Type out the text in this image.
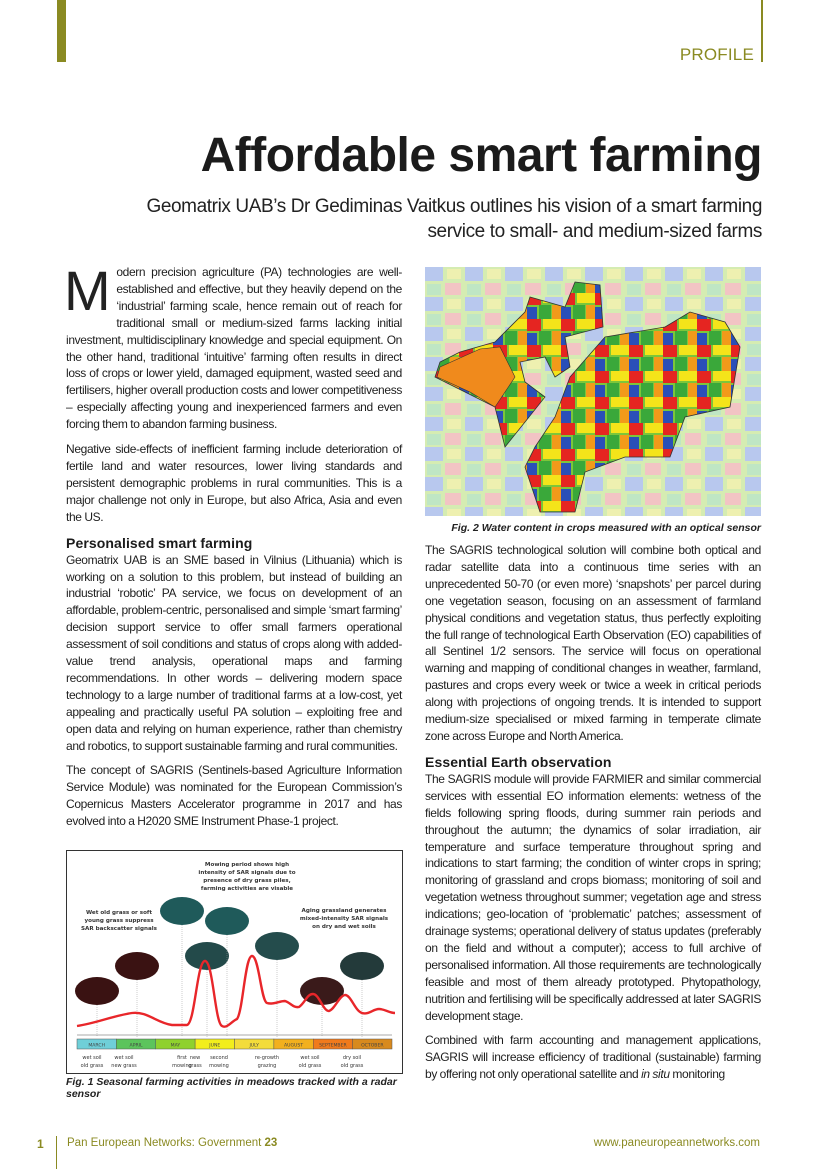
PROFILE
Affordable smart farming
Geomatrix UAB’s Dr Gediminas Vaitkus outlines his vision of a smart farming service to small- and medium-sized farms

Modern precision agriculture (PA) technologies are well-established and effective, but they heavily depend on the ‘industrial’ farming scale, hence remain out of reach for traditional small or medium-sized farms lacking initial investment, multidisciplinary knowledge and special equipment. On the other hand, traditional ‘intuitive’ farming often results in direct loss of crops or lower yield, damaged equipment, wasted seed and fertilisers, higher overall production costs and lower competitiveness – especially affecting young and inexperienced farmers and even forcing them to abandon farming business.

Negative side-effects of inefficient farming include deterioration of fertile land and water resources, lower living standards and persistent demographic problems in rural communities. This is a major challenge not only in Europe, but also Africa, Asia and even the US.

Personalised smart farming

Geomatrix UAB is an SME based in Vilnius (Lithuania) which is working on a solution to this problem, but instead of building an industrial ‘robotic’ PA service, we focus on development of an affordable, problem-centric, personalised and simple ‘smart farming’ decision support service to offer small farmers operational assessment of soil conditions and status of crops along with added-value trend analysis, operational maps and farming recommendations. In other words – delivering modern space technology to a large number of traditional farms at a low-cost, yet appealing and practically useful PA solution – exploiting free and open data and relying on human experience, rather than chemistry and robotics, to support sustainable farming and rural communities.

The concept of SAGRIS (Sentinels-based Agriculture Information Service Module) was nominated for the European Commission’s Copernicus Masters Accelerator programme in 2017 and has evolved into a H2020 SME Instrument Phase-1 project.

Wet old grass or soft
young grass suppress
SAR backscatter signals
Mowing period shows high
intensity of SAR signals due to
presence of dry grass piles,
farming activities are visable
Aging grassland generates
mixed-intensity SAR signals
on dry and wet soils
MARCH	APRIL	MAY	JUNE	JULY	AUGUST	SEPTEMBER	OCTOBER
wet soil
old grass
wet soil
new grass
first
mowing
new
grass
second
mowing
re-growth
grazing
wet soil
old grass
dry soil
old grass
Fig. 1 Seasonal farming activities in meadows tracked with a radar sensor
Fig. 2 Water content in crops measured with an optical sensor

The SAGRIS technological solution will combine both optical and radar satellite data into a continuous time series with an unprecedented 50-70 (or even more) ‘snapshots’ per parcel during one vegetation season, focusing on an assessment of farmland physical conditions and vegetation status, thus perfectly exploiting the full range of technological Earth Observation (EO) capabilities of all Sentinel 1/2 sensors. The service will focus on operational warning and mapping of conditional changes in weather, farmland, pastures and crops every week or twice a week in critical periods along with projections of ongoing trends. It is intended to support medium-size specialised or mixed farming in temperate climate zone across Europe and North America.

Essential Earth observation

The SAGRIS module will provide FARMIER and similar commercial services with essential EO information elements: wetness of the fields following spring floods, during summer rain periods and throughout the autumn; the dynamics of solar irradiation, air temperature and surface temperature throughout spring and indications to start farming; the condition of winter crops in spring; monitoring of grassland and crops biomass; monitoring of soil and vegetation wetness throughout summer; vegetation age and stress indications; geo-location of ‘problematic’ patches; assessment of drainage systems; operational delivery of status updates (preferably on the field and without a computer); access to full archive of personalised information. All those requirements are technologically feasible and most of them already prototyped. Phytopathology, nutrition and fertilising will be specifically addressed at later SAGRIS development stage.

Combined with farm accounting and management applications, SAGRIS will increase efficiency of traditional (sustainable) farming by offering not only operational satellite and in situ monitoring

1 Pan European Networks: Government 23	www.paneuropeannetworks.com
